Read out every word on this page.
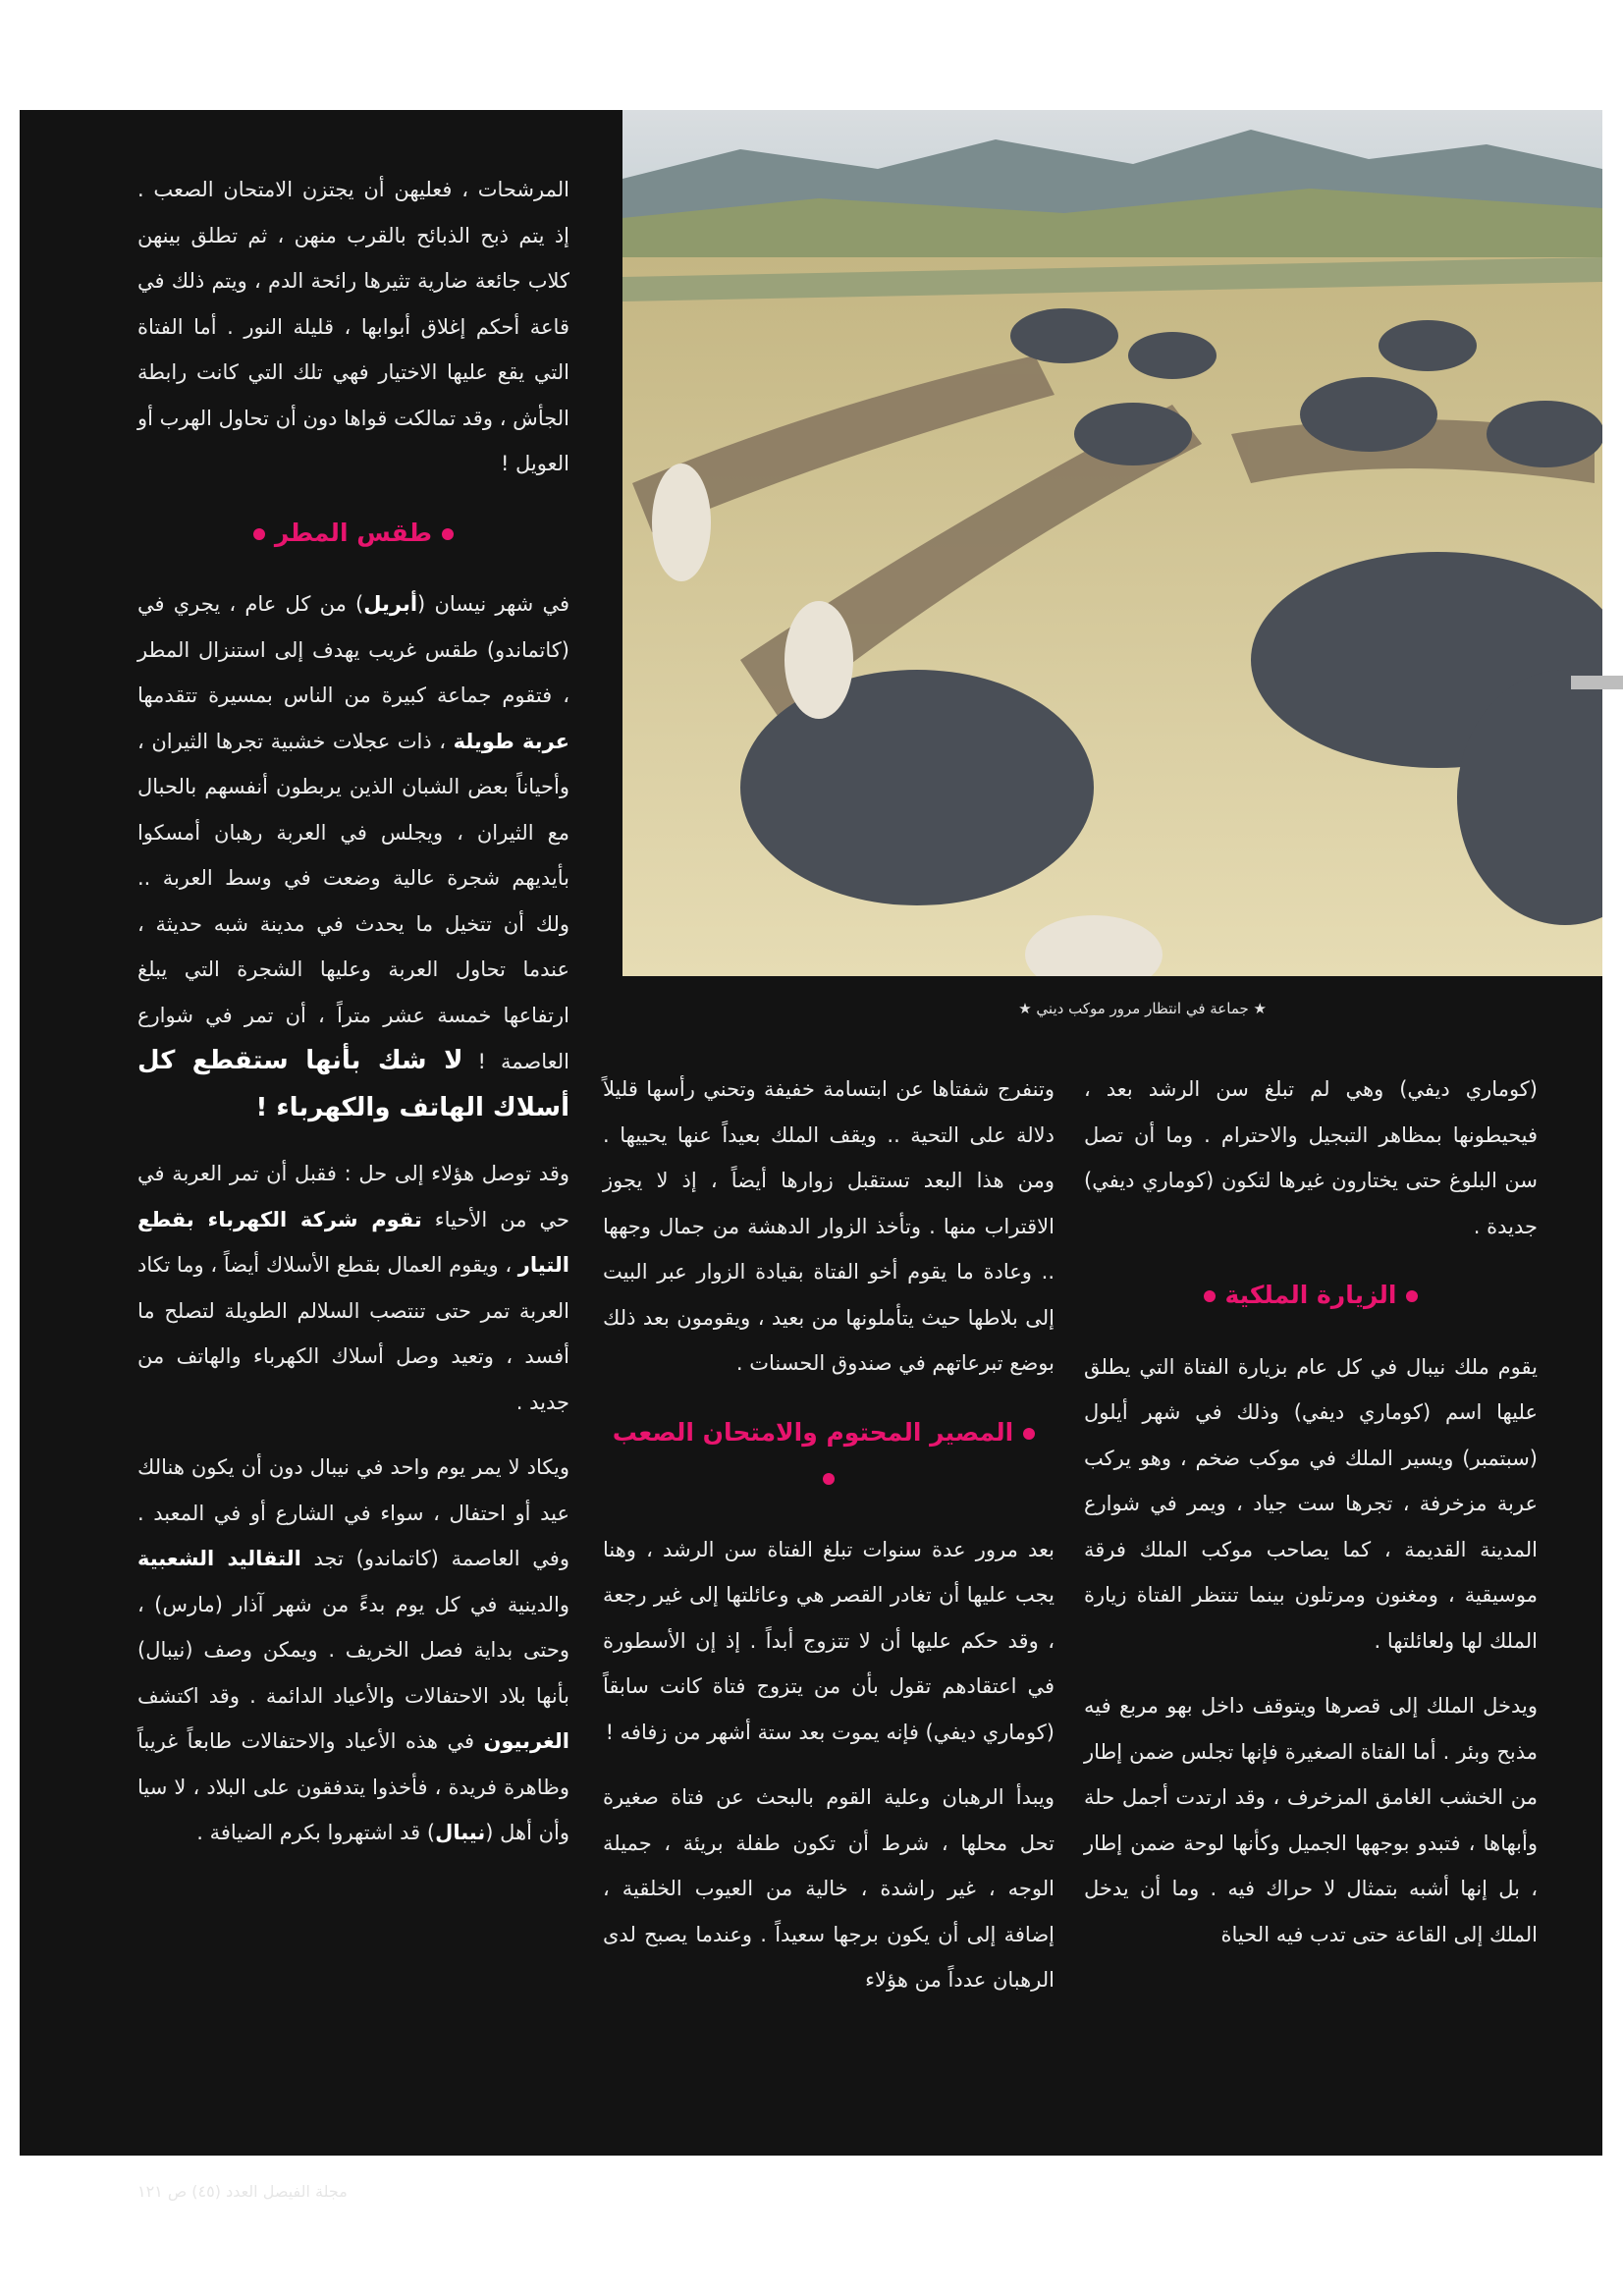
★ جماعة في انتظار مرور موكب ديني ★

المرشحات ، فعليهن أن يجتزن الامتحان الصعب . إذ يتم ذبح الذبائح بالقرب منهن ، ثم تطلق بينهن كلاب جائعة ضارية تثيرها رائحة الدم ، ويتم ذلك في قاعة أحكم إغلاق أبوابها ، قليلة النور . أما الفتاة التي يقع عليها الاختيار فهي تلك التي كانت رابطة الجأش ، وقد تمالكت قواها دون أن تحاول الهرب أو العويل !

طقس المطر

في شهر نيسان (أبريل) من كل عام ، يجري في (كاتماندو) طقس غريب يهدف إلى استنزال المطر ، فتقوم جماعة كبيرة من الناس بمسيرة تتقدمها عربة طويلة ، ذات عجلات خشبية تجرها الثيران ، وأحياناً بعض الشبان الذين يربطون أنفسهم بالحبال مع الثيران ، ويجلس في العربة رهبان أمسكوا بأيديهم شجرة عالية وضعت في وسط العربة .. ولك أن تتخيل ما يحدث في مدينة شبه حديثة ، عندما تحاول العربة وعليها الشجرة التي يبلغ ارتفاعها خمسة عشر متراً ، أن تمر في شوارع العاصمة ! لا شك بأنها ستقطع كل أسلاك الهاتف والكهرباء !

وقد توصل هؤلاء إلى حل : فقبل أن تمر العربة في حي من الأحياء تقوم شركة الكهرباء بقطع التيار ، ويقوم العمال بقطع الأسلاك أيضاً ، وما تكاد العربة تمر حتى تنتصب السلالم الطويلة لتصلح ما أفسد ، وتعيد وصل أسلاك الكهرباء والهاتف من جديد .

ويكاد لا يمر يوم واحد في نيبال دون أن يكون هنالك عيد أو احتفال ، سواء في الشارع أو في المعبد . وفي العاصمة (كاتماندو) تجد التقاليد الشعبية والدينية في كل يوم بدءً من شهر آذار (مارس) ، وحتى بداية فصل الخريف . ويمكن وصف (نيبال) بأنها بلاد الاحتفالات والأعياد الدائمة . وقد اكتشف الغربيون في هذه الأعياد والاحتفالات طابعاً غريباً وظاهرة فريدة ، فأخذوا يتدفقون على البلاد ، لا سيا وأن أهل (نيبال) قد اشتهروا بكرم الضيافة .

وتنفرج شفتاها عن ابتسامة خفيفة وتحني رأسها قليلاً دلالة على التحية .. ويقف الملك بعيداً عنها يحييها . ومن هذا البعد تستقبل زوارها أيضاً ، إذ لا يجوز الاقتراب منها . وتأخذ الزوار الدهشة من جمال وجهها .. وعادة ما يقوم أخو الفتاة بقيادة الزوار عبر البيت إلى بلاطها حيث يتأملونها من بعيد ، ويقومون بعد ذلك بوضع تبرعاتهم في صندوق الحسنات .

المصير المحتوم والامتحان الصعب

بعد مرور عدة سنوات تبلغ الفتاة سن الرشد ، وهنا يجب عليها أن تغادر القصر هي وعائلتها إلى غير رجعة ، وقد حكم عليها أن لا تتزوج أبداً . إذ إن الأسطورة في اعتقادهم تقول بأن من يتزوج فتاة كانت سابقاً (كوماري ديفي) فإنه يموت بعد ستة أشهر من زفافه !

ويبدأ الرهبان وعلية القوم بالبحث عن فتاة صغيرة تحل محلها ، شرط أن تكون طفلة بريئة ، جميلة الوجه ، غير راشدة ، خالية من العيوب الخلقية ، إضافة إلى أن يكون برجها سعيداً . وعندما يصبح لدى الرهبان عدداً من هؤلاء

(كوماري ديفي) وهي لم تبلغ سن الرشد بعد ، فيحيطونها بمظاهر التبجيل والاحترام . وما أن تصل سن البلوغ حتى يختارون غيرها لتكون (كوماري ديفي) جديدة .

الزيارة الملكية

يقوم ملك نيبال في كل عام بزيارة الفتاة التي يطلق عليها اسم (كوماري ديفي) وذلك في شهر أيلول (سبتمبر) ويسير الملك في موكب ضخم ، وهو يركب عربة مزخرفة ، تجرها ست جياد ، ويمر في شوارع المدينة القديمة ، كما يصاحب موكب الملك فرقة موسيقية ، ومغنون ومرتلون بينما تنتظر الفتاة زيارة الملك لها ولعائلتها .

ويدخل الملك إلى قصرها ويتوقف داخل بهو مربع فيه مذبح وبئر . أما الفتاة الصغيرة فإنها تجلس ضمن إطار من الخشب الغامق المزخرف ، وقد ارتدت أجمل حلة وأبهاها ، فتبدو بوجهها الجميل وكأنها لوحة ضمن إطار ، بل إنها أشبه بتمثال لا حراك فيه . وما أن يدخل الملك إلى القاعة حتى تدب فيه الحياة

مجلة الفيصل العدد (٤٥) ص ١٢١
